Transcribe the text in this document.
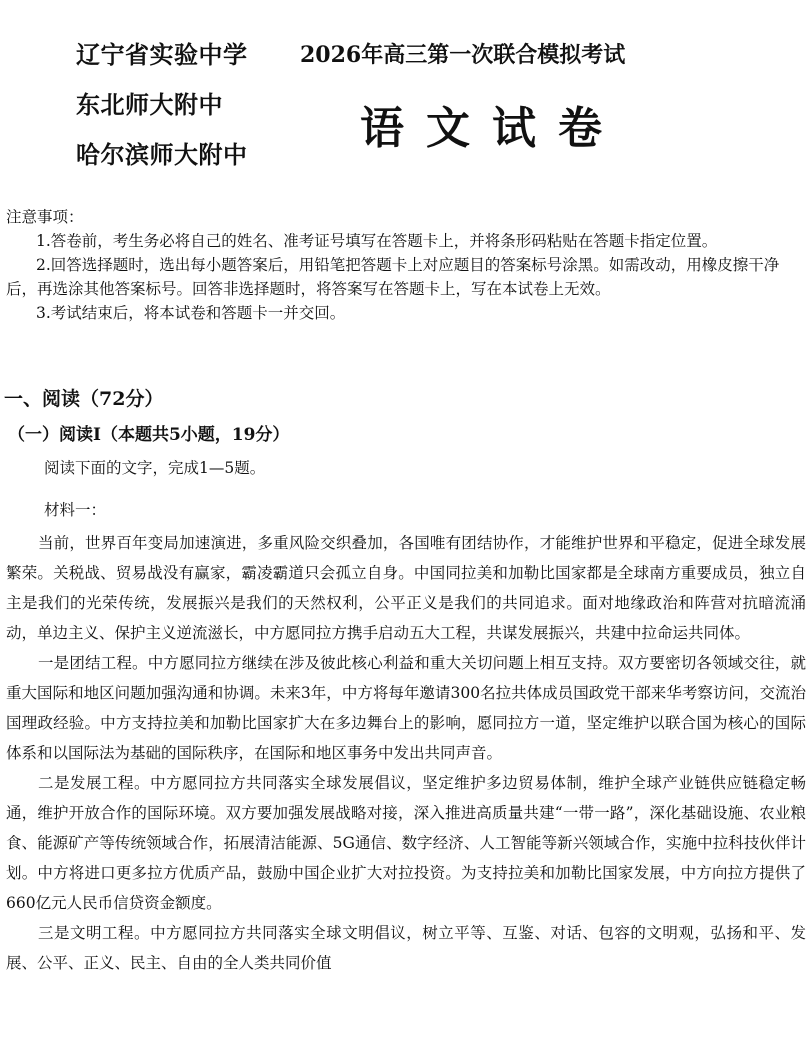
辽宁省实验中学
东北师大附中
哈尔滨师大附中
2026年高三第一次联合模拟考试
语文试卷

注意事项：

1.答卷前，考生务必将自己的姓名、准考证号填写在答题卡上，并将条形码粘贴在答题卡指定位置。

2.回答选择题时，选出每小题答案后，用铅笔把答题卡上对应题目的答案标号涂黑。如需改动，用橡皮擦干净后，再选涂其他答案标号。回答非选择题时，将答案写在答题卡上，写在本试卷上无效。

3.考试结束后，将本试卷和答题卡一并交回。

一、阅读（72分）
（一）阅读Ⅰ（本题共5小题，19分）
阅读下面的文字，完成1—5题。
材料一：

当前，世界百年变局加速演进，多重风险交织叠加，各国唯有团结协作，才能维护世界和平稳定，促进全球发展繁荣。关税战、贸易战没有赢家，霸凌霸道只会孤立自身。中国同拉美和加勒比国家都是全球南方重要成员，独立自主是我们的光荣传统，发展振兴是我们的天然权利，公平正义是我们的共同追求。面对地缘政治和阵营对抗暗流涌动，单边主义、保护主义逆流滋长，中方愿同拉方携手启动五大工程，共谋发展振兴，共建中拉命运共同体。

一是团结工程。中方愿同拉方继续在涉及彼此核心利益和重大关切问题上相互支持。双方要密切各领域交往，就重大国际和地区问题加强沟通和协调。未来3年，中方将每年邀请300名拉共体成员国政党干部来华考察访问，交流治国理政经验。中方支持拉美和加勒比国家扩大在多边舞台上的影响，愿同拉方一道，坚定维护以联合国为核心的国际体系和以国际法为基础的国际秩序，在国际和地区事务中发出共同声音。

二是发展工程。中方愿同拉方共同落实全球发展倡议，坚定维护多边贸易体制，维护全球产业链供应链稳定畅通，维护开放合作的国际环境。双方要加强发展战略对接，深入推进高质量共建“一带一路”，深化基础设施、农业粮食、能源矿产等传统领域合作，拓展清洁能源、5G通信、数字经济、人工智能等新兴领域合作，实施中拉科技伙伴计划。中方将进口更多拉方优质产品，鼓励中国企业扩大对拉投资。为支持拉美和加勒比国家发展，中方向拉方提供了660亿元人民币信贷资金额度。

三是文明工程。中方愿同拉方共同落实全球文明倡议，树立平等、互鉴、对话、包容的文明观，弘扬和平、发展、公平、正义、民主、自由的全人类共同价值
